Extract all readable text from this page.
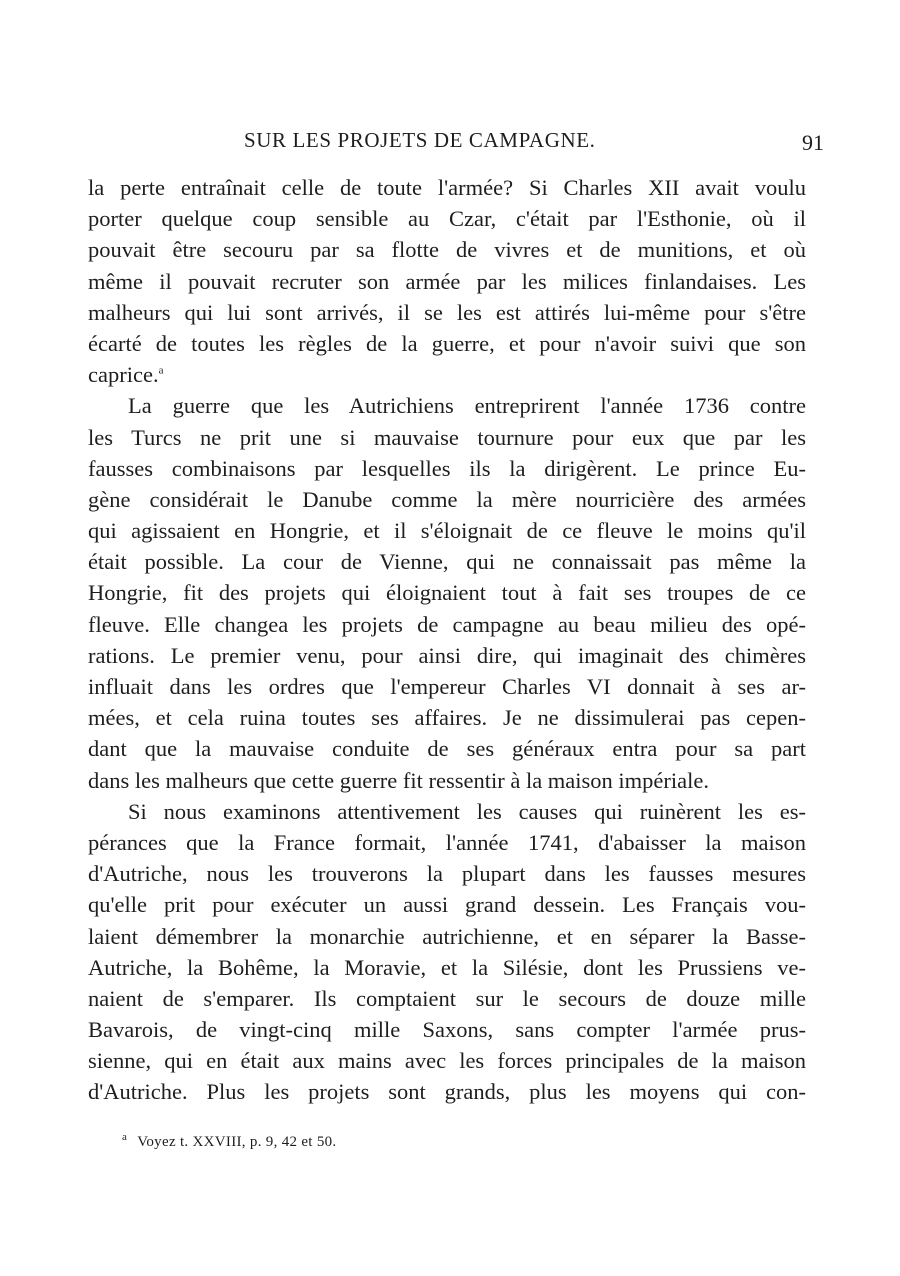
SUR LES PROJETS DE CAMPAGNE.	91
la perte entraînait celle de toute l'armée? Si Charles XII avait voulu
porter quelque coup sensible au Czar, c'était par l'Esthonie, où il
pouvait être secouru par sa flotte de vivres et de munitions, et où
même il pouvait recruter son armée par les milices finlandaises. Les
malheurs qui lui sont arrivés, il se les est attirés lui-même pour s'être
écarté de toutes les règles de la guerre, et pour n'avoir suivi que son
caprice.$^a$
La guerre que les Autrichiens entreprirent l'année 1736 contre
les Turcs ne prit une si mauvaise tournure pour eux que par les
fausses combinaisons par lesquelles ils la dirigèrent. Le prince Eu-
gène considérait le Danube comme la mère nourricière des armées
qui agissaient en Hongrie, et il s'éloignait de ce fleuve le moins qu'il
était possible. La cour de Vienne, qui ne connaissait pas même la
Hongrie, fit des projets qui éloignaient tout à fait ses troupes de ce
fleuve. Elle changea les projets de campagne au beau milieu des opé-
rations. Le premier venu, pour ainsi dire, qui imaginait des chimères
influait dans les ordres que l'empereur Charles VI donnait à ses ar-
mées, et cela ruina toutes ses affaires. Je ne dissimulerai pas cepen-
dant que la mauvaise conduite de ses généraux entra pour sa part
dans les malheurs que cette guerre fit ressentir à la maison impériale.
Si nous examinons attentivement les causes qui ruinèrent les es-
pérances que la France formait, l'année 1741, d'abaisser la maison
d'Autriche, nous les trouverons la plupart dans les fausses mesures
qu'elle prit pour exécuter un aussi grand dessein. Les Français vou-
laient démembrer la monarchie autrichienne, et en séparer la Basse-
Autriche, la Bohême, la Moravie, et la Silésie, dont les Prussiens ve-
naient de s'emparer. Ils comptaient sur le secours de douze mille
Bavarois, de vingt-cinq mille Saxons, sans compter l'armée prus-
sienne, qui en était aux mains avec les forces principales de la maison
d'Autriche. Plus les projets sont grands, plus les moyens qui con-
$^a$ Voyez t. XXVIII, p. 9, 42 et 50.
